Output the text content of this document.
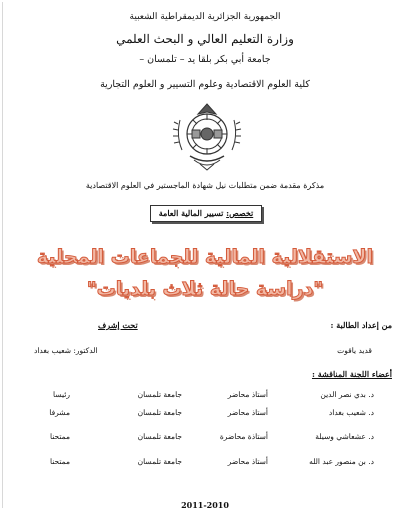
الجمهورية الجزائرية الديمقراطية الشعبية
وزارة التعليم العالي و البحث العلمي
جامعة أبي بكر بلقا يد – تلمسان –
كلية العلوم الاقتصادية وعلوم التسيير و العلوم التجارية
مذكرة مقدمة ضمن متطلبات نيل شهادة الماجستير في العلوم الاقتصادية
تخصص: تسيير المالية العامة
الاستقلالية المالية للجماعات المحلية
"دراسة حالة ثلاث بلديات"
من إعداد الطالبة :
تحت إشرف
قديد ياقوت
الدكتور: شعيب بغداد
أعضاء اللجنة المناقشة :
د. بدي نصر الدين
أستاذ محاضر
جامعة تلمسان
رئيسا
د. شعيب بغداد
أستاذ محاضر
جامعة تلمسان
مشرفا
د. عشعاشي وسيلة
أستاذة محاضرة
جامعة تلمسان
ممتحنا
د. بن منصور عبد الله
أستاذ محاضر
جامعة تلمسان
ممتحنا
2011-2010
